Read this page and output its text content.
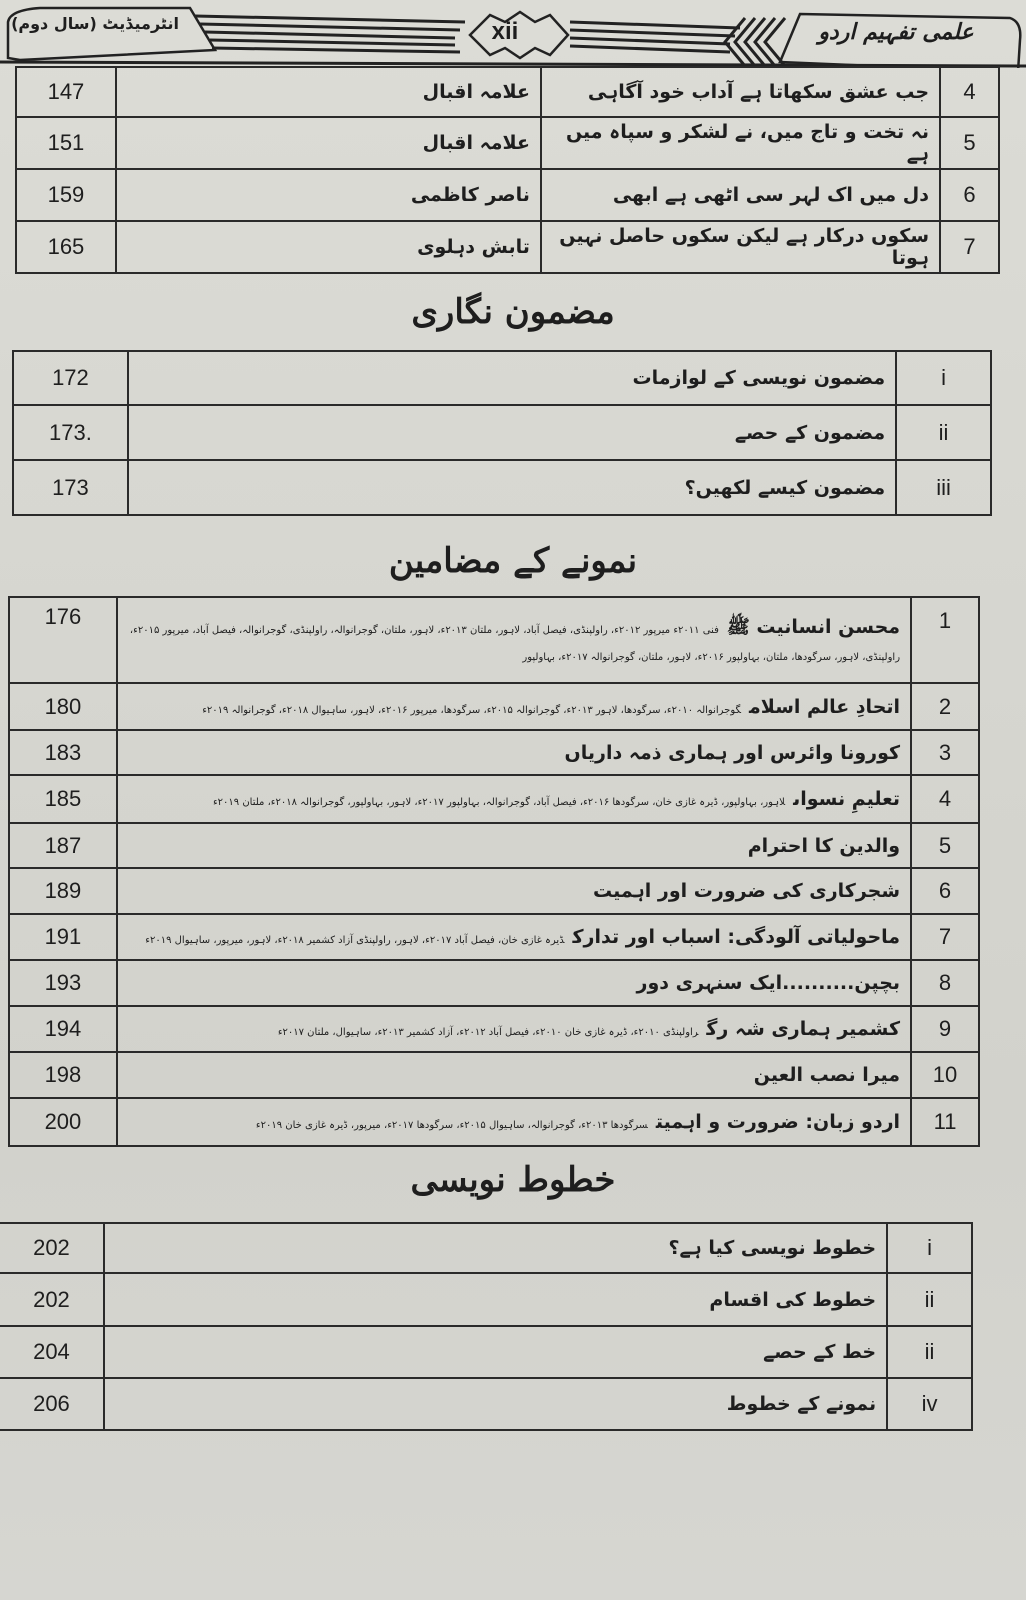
انٹرمیڈیٹ (سال دوم)	xii	علمی تفہیم اردو
147	علامہ اقبال	جب عشق سکھاتا ہے آداب خود آگاہی	4
151	علامہ اقبال	نہ تخت و تاج میں، نے لشکر و سپاہ میں ہے	5
159	ناصر کاظمی	دل میں اک لہر سی اٹھی ہے ابھی	6
165	تابش دہلوی	سکوں درکار ہے لیکن سکوں حاصل نہیں ہوتا	7
مضمون نگاری
172	مضمون نویسی کے لوازمات	i
173.	مضمون کے حصے	ii
173	مضمون کیسے لکھیں؟	iii
نمونے کے مضامین
176	محسن انسانیت ﷺفنی ۲۰۱۱ء میرپور ۲۰۱۲ء، راولپنڈی، فیصل آباد، لاہور، ملتان ۲۰۱۳ء، لاہور، ملتان، گوجرانوالہ، راولپنڈی، گوجرانوالہ، فیصل آباد، میرپور ۲۰۱۵ء، راولپنڈی، لاہور، سرگودھا، ملتان، بہاولپور ۲۰۱۶ء، لاہور، ملتان، گوجرانوالہ ۲۰۱۷ء، بہاولپور	1
180	اتحادِ عالم اسلامگوجرانوالہ ۲۰۱۰ء، سرگودھا، لاہور ۲۰۱۳ء، گوجرانوالہ ۲۰۱۵ء، سرگودھا، میرپور ۲۰۱۶ء، لاہور، ساہیوال ۲۰۱۸ء، گوجرانوالہ ۲۰۱۹ء	2
183	کورونا وائرس اور ہماری ذمہ داریاں	3
185	تعلیمِ نسواںلاہور، بہاولپور، ڈیرہ غازی خان، سرگودھا ۲۰۱۶ء، فیصل آباد، گوجرانوالہ، بہاولپور ۲۰۱۷ء، لاہور، بہاولپور، گوجرانوالہ ۲۰۱۸ء، ملتان ۲۰۱۹ء	4
187	والدین کا احترام	5
189	شجرکاری کی ضرورت اور اہمیت	6
191	ماحولیاتی آلودگی: اسباب اور تدارکڈیرہ غازی خان، فیصل آباد ۲۰۱۷ء، لاہور، راولپنڈی آزاد کشمیر ۲۰۱۸ء، لاہور، میرپور، ساہیوال ۲۰۱۹ء	7
193	بچپن..........ایک سنہری دور	8
194	کشمیر ہماری شہ رگراولپنڈی ۲۰۱۰ء، ڈیرہ غازی خان ۲۰۱۰ء، فیصل آباد ۲۰۱۲ء، آزاد کشمیر ۲۰۱۳ء، ساہیوال، ملتان ۲۰۱۷ء	9
198	میرا نصب العین	10
200	اردو زبان: ضرورت و اہمیتسرگودھا ۲۰۱۳ء، گوجرانوالہ، ساہیوال ۲۰۱۵ء، سرگودھا ۲۰۱۷ء، میرپور، ڈیرہ غازی خان ۲۰۱۹ء	11
خطوط نویسی
202	خطوط نویسی کیا ہے؟	i
202	خطوط کی اقسام	ii
204	خط کے حصے	ii
206	نمونے کے خطوط	iv
